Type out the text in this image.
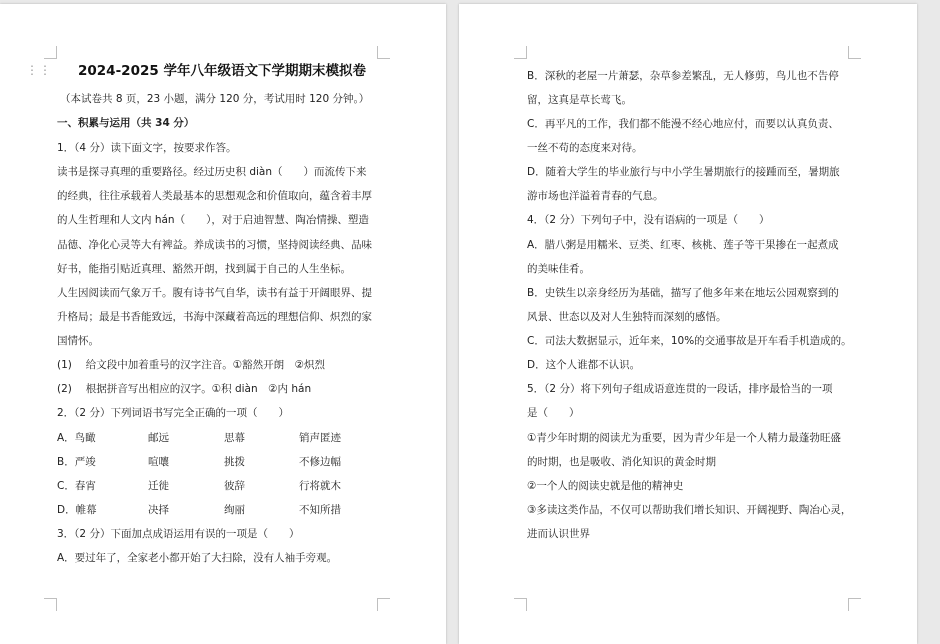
⋮⋮ 2024-2025 学年八年级语文下学期期末模拟卷
（本试卷共 8 页，23 小题，满分 120 分，考试用时 120 分钟。）
一、积累与运用（共 34 分）
1．（4 分）读下面文字，按要求作答。
读书是探寻真理的重要路径。经过历史积 diàn（　　）而流传下来
的经典，往往承载着人类最基本的思想观念和价值取向，蕴含着丰厚
的人生哲理和人文内 hán（　　），对于启迪智慧、陶冶情操、塑造
品德、净化心灵等大有裨益。养成读书的习惯，坚持阅读经典、品味
好书，能指引贴近真理、豁然开朗，找到属于自己的人生坐标。
人生因阅读而气象万千。腹有诗书气自华，读书有益于开阔眼界、提
升格局；最是书香能致远，书海中深藏着高远的理想信仰、炽烈的家
国情怀。
(1)　 给文段中加着重号的汉字注音。①豁然开朗　②炽烈
(2)　 根据拼音写出相应的汉字。①积 diàn　②内 hán
2．（2 分）下列词语书写完全正确的一项（　　）
A．鸟瞰	邮远	思幕	销声匿迹
B．严竣	喧嚷	挑拨	不修边幅
C．春宵	迁徙	彼辞	行将就木
D．帷幕	决择	绚丽	不知所措
3．（2 分）下面加点成语运用有误的一项是（　　）
A．要过年了，全家老小都开始了大扫除，没有人袖手旁观。
B．深秋的老屋一片萧瑟，杂草参差繁乱，无人修剪，鸟儿也不告停
留，这真是草长莺飞。
C．再平凡的工作，我们都不能漫不经心地应付，而要以认真负责、
一丝不苟的态度来对待。
D．随着大学生的毕业旅行与中小学生暑期旅行的接踵而至，暑期旅
游市场也洋溢着青春的气息。
4．（2 分）下列句子中，没有语病的一项是（　　）
A．腊八粥是用糯米、豆类、红枣、核桃、莲子等干果掺在一起煮成
的美味佳肴。
B．史铁生以亲身经历为基础，描写了他多年来在地坛公园观察到的
风景、世态以及对人生独特而深刻的感悟。
C．司法大数据显示，近年来，10%的交通事故是开车看手机造成的。
D．这个人谁都不认识。
5．（2 分）将下列句子组成语意连贯的一段话，排序最恰当的一项
是（　　）
①青少年时期的阅读尤为重要，因为青少年是一个人精力最蓬勃旺盛
的时期，也是吸收、消化知识的黄金时期
②一个人的阅读史就是他的精神史
③多读这类作品，不仅可以帮助我们增长知识、开阔视野、陶冶心灵，
进而认识世界
